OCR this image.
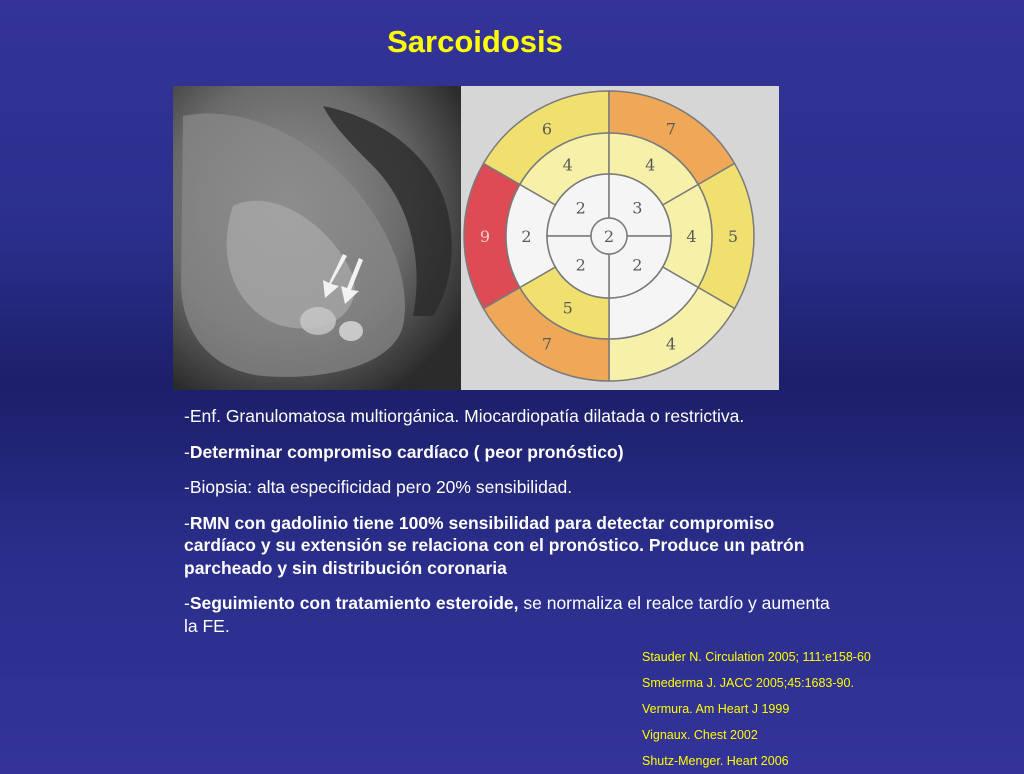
Sarcoidosis
6	7
5
4
7
9
4	4
4
5
2
2	3
2
2
2

-Enf. Granulomatosa multiorgánica. Miocardiopatía dilatada o restrictiva.

-Determinar compromiso cardíaco ( peor pronóstico)

-Biopsia: alta especificidad pero 20% sensibilidad.

-RMN con gadolinio tiene 100% sensibilidad para detectar compromiso cardíaco y su extensión se relaciona con el pronóstico. Produce un patrón parcheado y sin distribución coronaria

-Seguimiento con tratamiento esteroide, se normaliza el realce tardío y aumenta la FE.

Stauder N. Circulation 2005; 111:e158-60
Smederma J. JACC 2005;45:1683-90.
Vermura. Am Heart J 1999
Vignaux. Chest 2002
Shutz-Menger. Heart 2006
